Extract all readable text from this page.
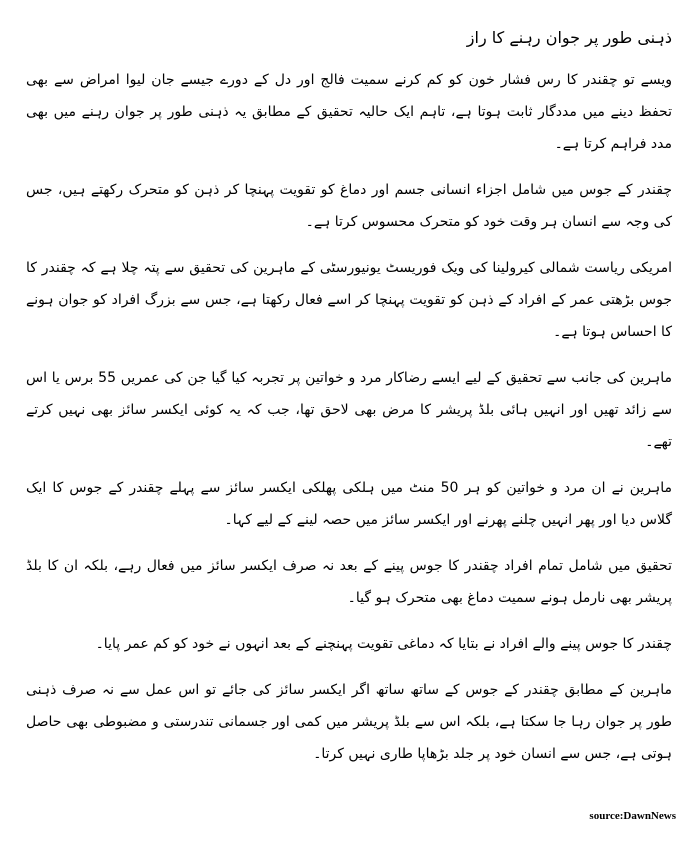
ذہنی طور پر جوان رہنے کا راز

ویسے تو چقندر کا رس فشار خون کو کم کرنے سمیت فالج اور دل کے دورے جیسے جان لیوا امراض سے بھی تحفظ دینے میں مددگار ثابت ہوتا ہے، تاہم ایک حالیہ تحقیق کے مطابق یہ ذہنی طور پر جوان رہنے میں بھی مدد فراہم کرتا ہے۔

چقندر کے جوس میں شامل اجزاء انسانی جسم اور دماغ کو تقویت پہنچا کر ذہن کو متحرک رکھتے ہیں، جس کی وجہ سے انسان ہر وقت خود کو متحرک محسوس کرتا ہے۔

امریکی ریاست شمالی کیرولینا کی ویک فوریسٹ یونیورسٹی کے ماہرین کی تحقیق سے پتہ چلا ہے کہ چقندر کا جوس بڑھتی عمر کے افراد کے ذہن کو تقویت پہنچا کر اسے فعال رکھتا ہے، جس سے بزرگ افراد کو جوان ہونے کا احساس ہوتا ہے۔

ماہرین کی جانب سے تحقیق کے لیے ایسے رضاکار مرد و خواتین پر تجربہ کیا گیا جن کی عمریں 55 برس یا اس سے زائد تھیں اور انہیں ہائی بلڈ پریشر کا مرض بھی لاحق تھا، جب کہ یہ کوئی ایکسر سائز بھی نہیں کرتے تھے۔

ماہرین نے ان مرد و خواتین کو ہر 50 منٹ میں ہلکی پھلکی ایکسر سائز سے پہلے چقندر کے جوس کا ایک گلاس دیا اور پھر انہیں چلنے پھرنے اور ایکسر سائز میں حصہ لینے کے لیے کہا۔

تحقیق میں شامل تمام افراد چقندر کا جوس پینے کے بعد نہ صرف ایکسر سائز میں فعال رہے، بلکہ ان کا بلڈ پریشر بھی نارمل ہونے سمیت دماغ بھی متحرک ہو گیا۔

چقندر کا جوس پینے والے افراد نے بتایا کہ دماغی تقویت پہنچنے کے بعد انہوں نے خود کو کم عمر پایا۔

ماہرین کے مطابق چقندر کے جوس کے ساتھ ساتھ اگر ایکسر سائز کی جائے تو اس عمل سے نہ صرف ذہنی طور پر جوان رہا جا سکتا ہے، بلکہ اس سے بلڈ پریشر میں کمی اور جسمانی تندرستی و مضبوطی بھی حاصل ہوتی ہے، جس سے انسان خود پر جلد بڑھاپا طاری نہیں کرتا۔

source:DawnNews
